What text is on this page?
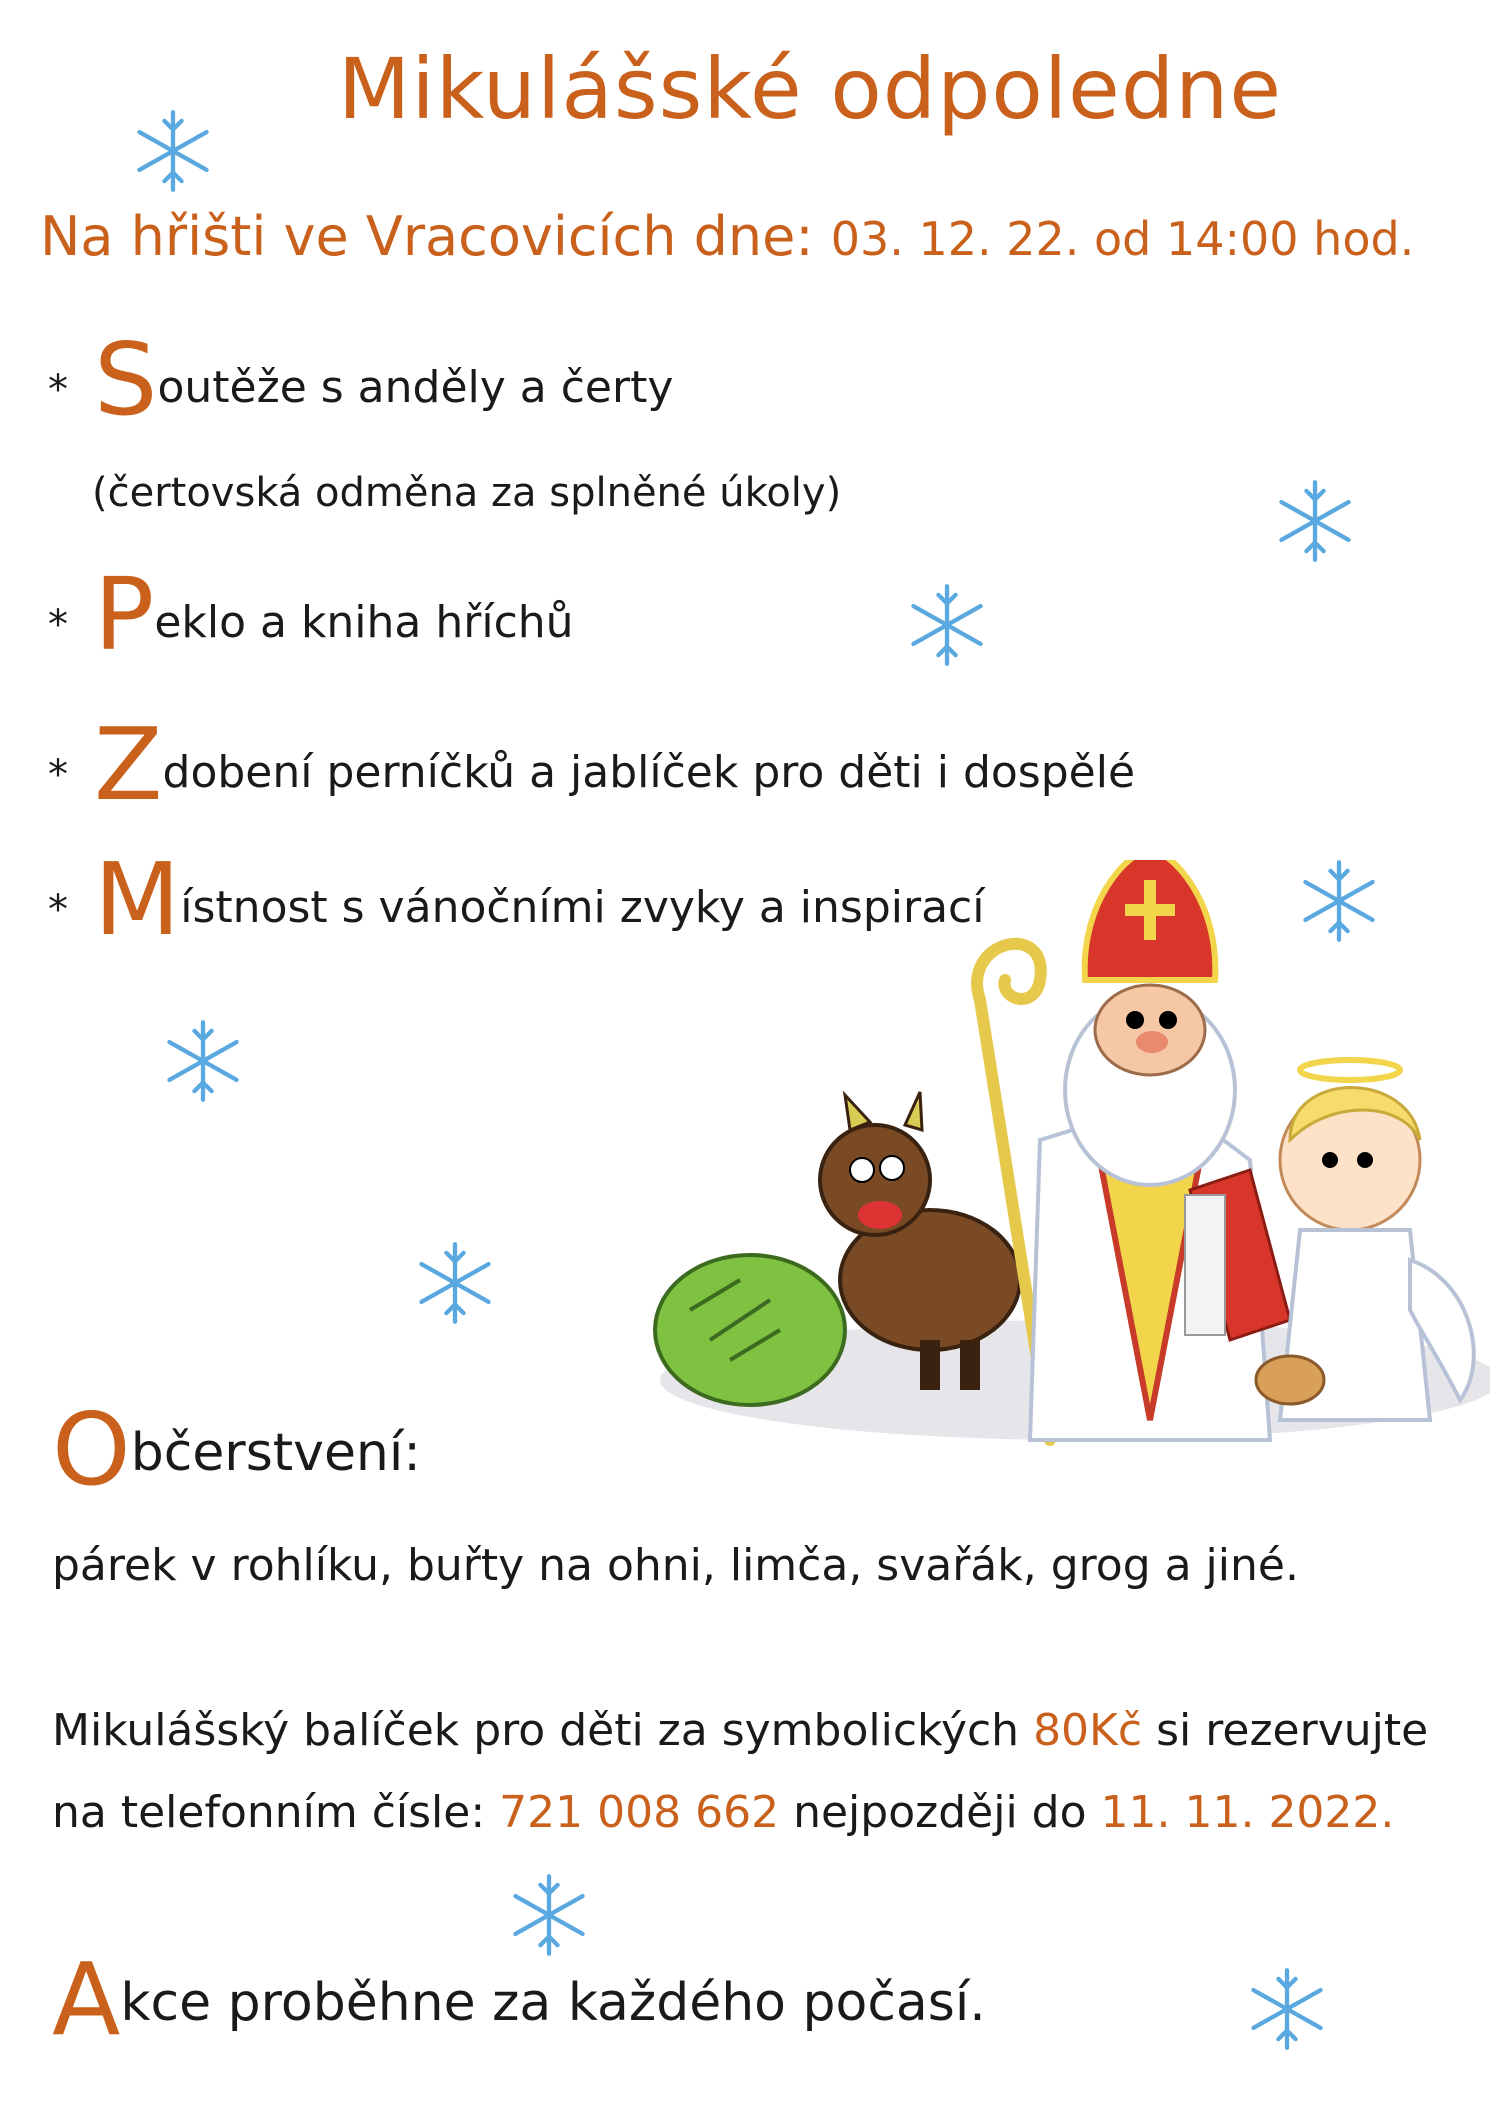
Mikulášské odpoledne
Na hřišti ve Vracovicích dne: 03. 12. 22. od 14:00 hod.
* Soutěže s anděly a čerty
(čertovská odměna za splněné úkoly)
* Peklo a kniha hříchů
* Zdobení perníčků a jablíček pro děti i dospělé
* Místnost s vánočními zvyky a inspirací
Občerstvení:
párek v rohlíku, buřty na ohni, limča, svařák, grog a jiné.
Mikulášský balíček pro děti za symbolických 80Kč si rezervujte na telefonním čísle: 721 008 662 nejpozději do 11. 11. 2022.
Akce proběhne za každého počasí.
